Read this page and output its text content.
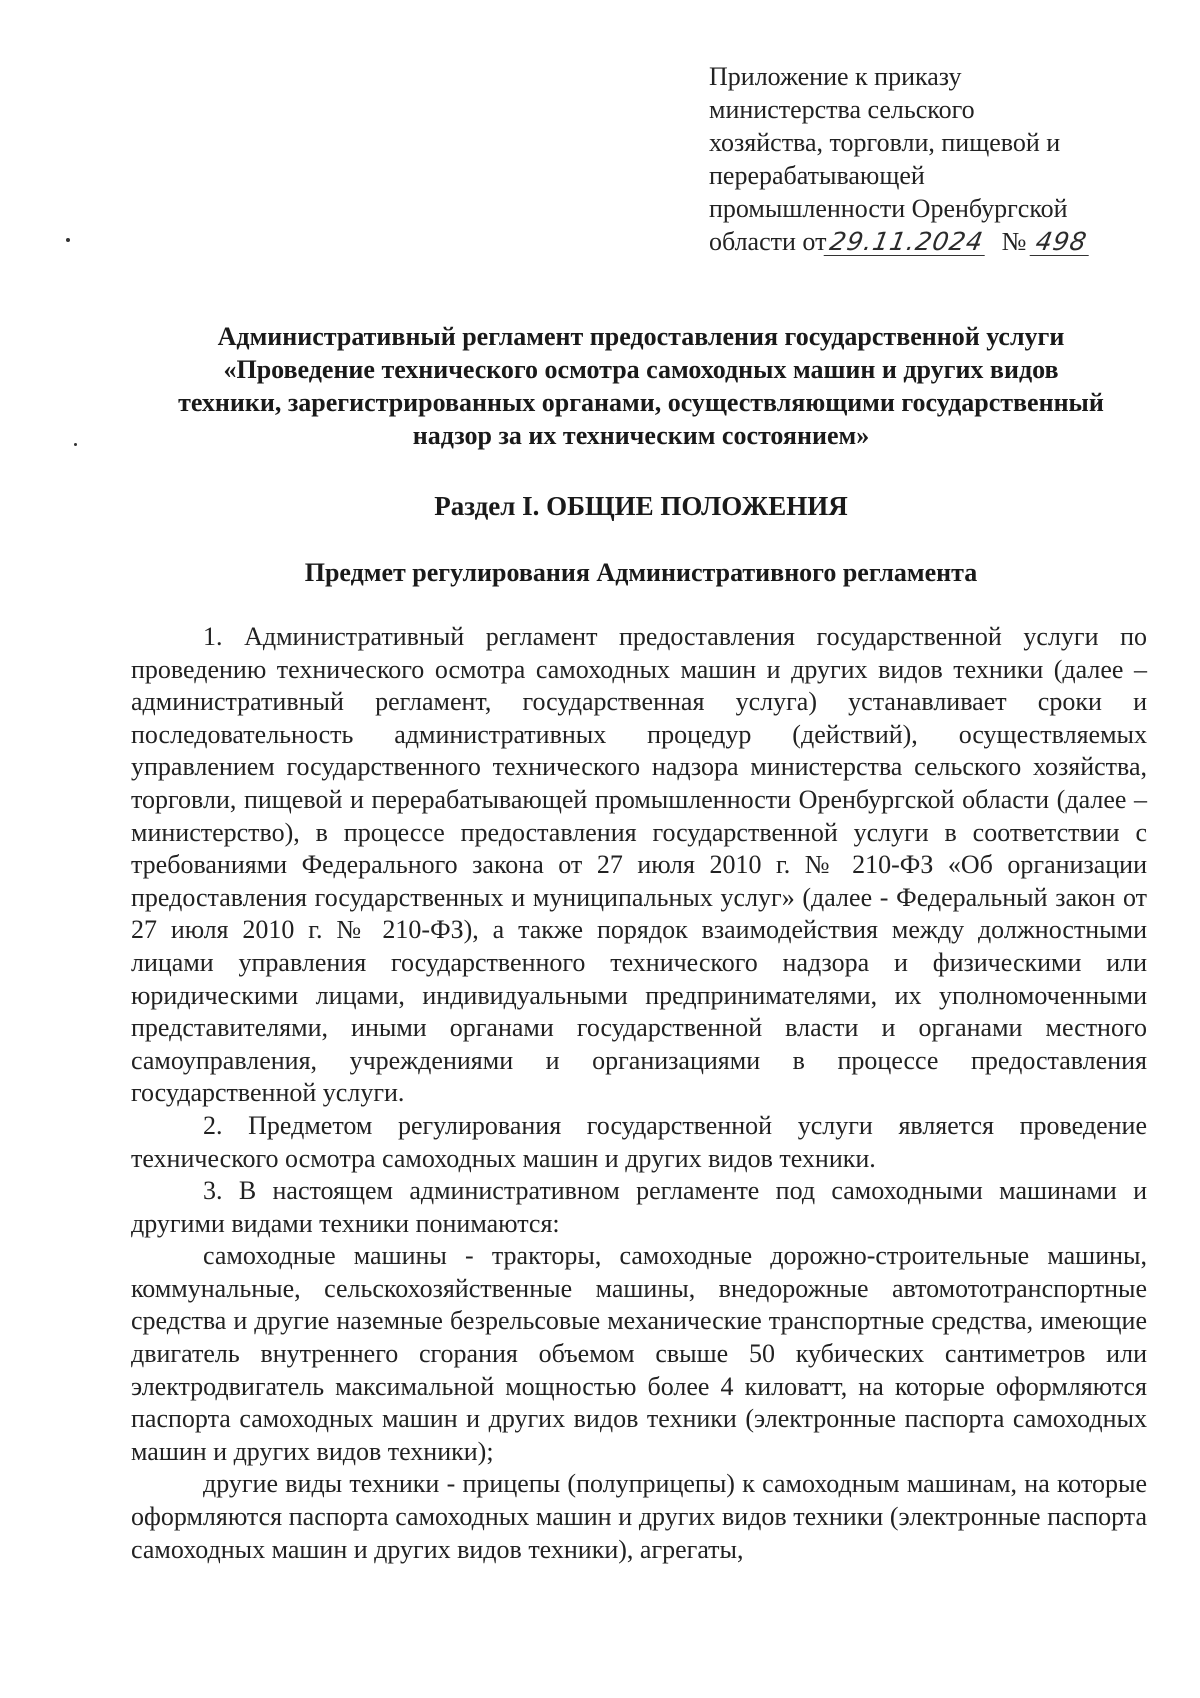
Приложение к приказу
министерства сельского
хозяйства, торговли, пищевой и
перерабатывающей
промышленности Оренбургской
области от29.11.2024 № 498
Административный регламент предоставления государственной услуги
«Проведение технического осмотра самоходных машин и других видов
техники, зарегистрированных органами, осуществляющими государственный
надзор за их техническим состоянием»
Раздел I. ОБЩИЕ ПОЛОЖЕНИЯ
Предмет регулирования Административного регламента

1. Административный регламент предоставления государственной услуги по проведению технического осмотра самоходных машин и других видов техники (далее – административный регламент, государственная услуга) устанавливает сроки и последовательность административных процедур (действий), осуществляемых управлением государственного технического надзора министерства сельского хозяйства, торговли, пищевой и перерабатывающей промышленности Оренбургской области (далее – министерство), в процессе предоставления государственной услуги в соответствии с требованиями Федерального закона от 27 июля 2010 г. № 210-ФЗ «Об организации предоставления государственных и муниципальных услуг» (далее - Федеральный закон от 27 июля 2010 г. № 210-ФЗ), а также порядок взаимодействия между должностными лицами управления государственного технического надзора и физическими или юридическими лицами, индивидуальными предпринимателями, их уполномоченными представителями, иными органами государственной власти и органами местного самоуправления, учреждениями и организациями в процессе предоставления государственной услуги.

2. Предметом регулирования государственной услуги является проведение технического осмотра самоходных машин и других видов техники.

3. В настоящем административном регламенте под самоходными машинами и другими видами техники понимаются:

самоходные машины - тракторы, самоходные дорожно-строительные машины, коммунальные, сельскохозяйственные машины, внедорожные автомототранспортные средства и другие наземные безрельсовые механические транспортные средства, имеющие двигатель внутреннего сгорания объемом свыше 50 кубических сантиметров или электродвигатель максимальной мощностью более 4 киловатт, на которые оформляются паспорта самоходных машин и других видов техники (электронные паспорта самоходных машин и других видов техники);

другие виды техники - прицепы (полуприцепы) к самоходным машинам, на которые оформляются паспорта самоходных машин и других видов техники (электронные паспорта самоходных машин и других видов техники), агрегаты,
